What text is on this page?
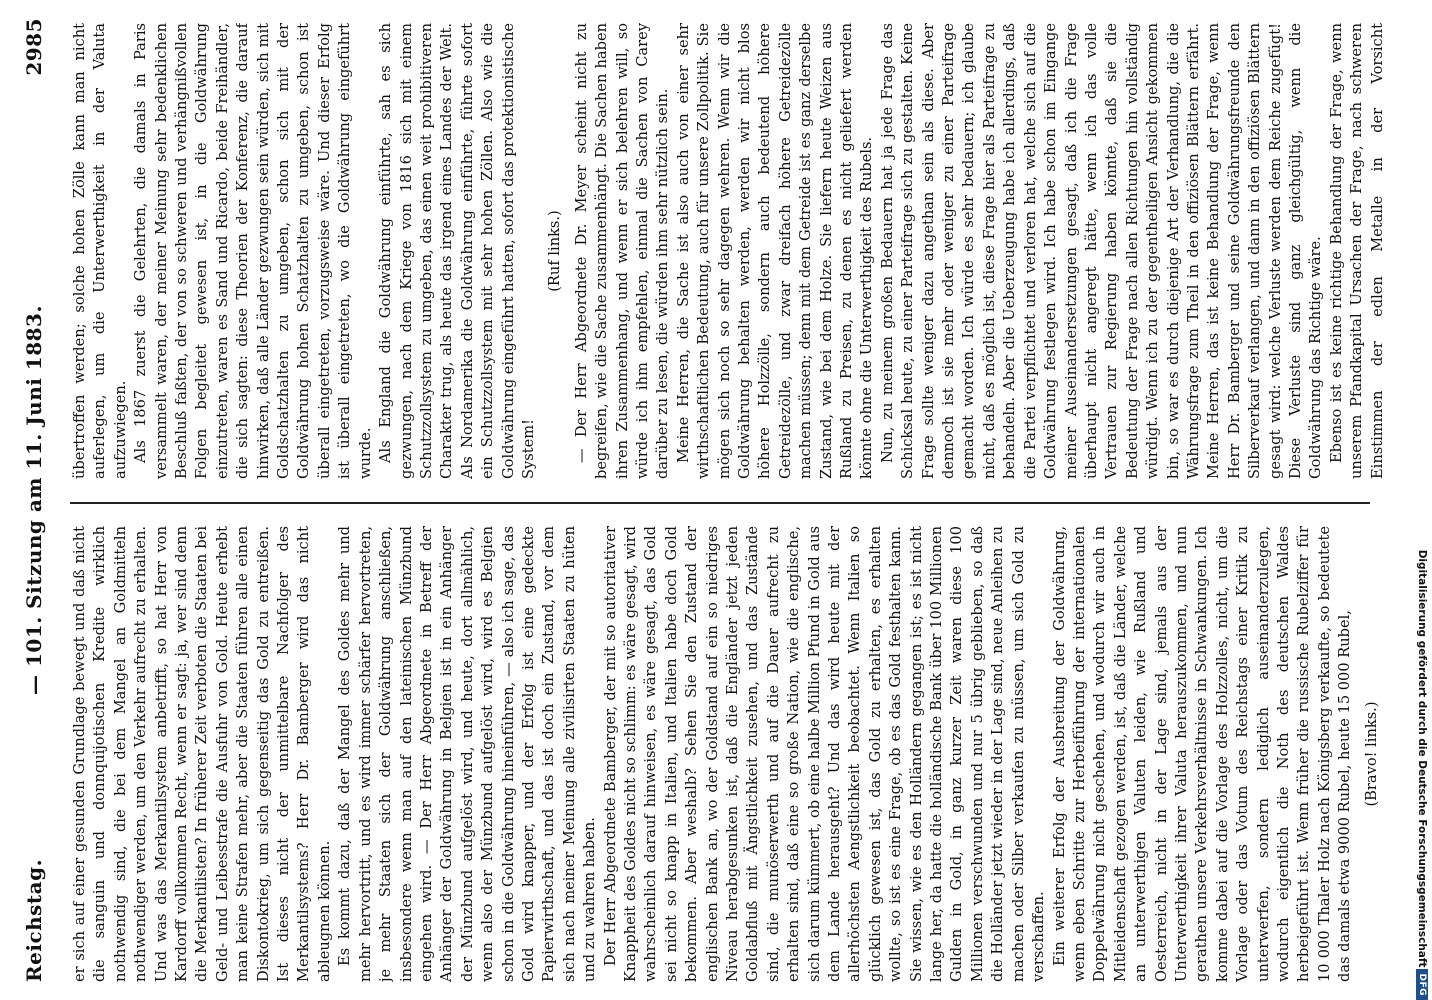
Reichstag.
— 101. Sitzung am 11. Juni 1883.
2985

er sich auf einer gesunden Grundlage bewegt und daß nicht die sanguin und donnquijotischen Kredite wirklich nothwendig sind, die bei dem Mangel an Goldmitteln nothwendiger werden, um den Verkehr aufrecht zu erhalten. Und was das Merkantilsystem anbetrifft, so hat Herr von Kardorff vollkommen Recht, wenn er sagt: ja, wer sind denn die Merkantilisten? In früherer Zeit verboten die Staaten bei Geld- und Leibesstrafe die Ausfuhr von Gold. Heute erhebt man keine Strafen mehr, aber die Staaten führen alle einen Diskontokrieg, um sich gegenseitig das Gold zu entreißen. Ist dieses nicht der unmittelbare Nachfolger des Merkantilsystems? Herr Dr. Bamberger wird das nicht ableugnen können. Es kommt dazu, daß der Mangel des Goldes mehr und mehr hervortritt, und es wird immer schärfer hervortreten, je mehr Staaten sich der Goldwährung anschließen, insbesondere wenn man auf den lateinischen Münzbund eingehen wird. — Der Herr Abgeordnete in Betreff der Anhänger der Goldwährung in Belgien ist in ein Anhänger der Münzbund aufgelöst wird, und heute, dort allmählich, wenn also der Münzbund aufgelöst wird, wird es Belgien schon in die Goldwährung hineinführen, — also ich sage, das Gold wird knapper, und der Erfolg ist eine gedeckte Papierwirthschaft, und das ist doch ein Zustand, vor dem sich nach meiner Meinung alle zivilisirten Staaten zu hüten und zu wahren haben. Der Herr Abgeordnete Bamberger, der mit so autoritativer Knappheit des Goldes nicht so schlimm: es wäre gesagt, wird wahrscheinlich darauf hinweisen, es wäre gesagt, das Gold sei nicht so knapp in Italien, und Italien habe doch Gold bekommen. Aber weshalb? Sehen Sie den Zustand der englischen Bank an, wo der Goldstand auf ein so niedriges Niveau herabgesunken ist, daß die Engländer jetzt jeden Goldabfluß mit Ängstlichkeit zusehen, und das Zustände sind, die munöserwerth und auf die Dauer aufrecht zu erhalten sind, daß eine so große Nation, wie die englische, sich darum kümmert, ob eine halbe Million Pfund in Gold aus dem Lande herausgeht? Und das wird heute mit der allerhöchsten Aengstlichkeit beobachtet. Wenn Italien so glücklich gewesen ist, das Gold zu erhalten, es erhalten wollte, so ist es eine Frage, ob es das Gold festhalten kann. Sie wissen, wie es den Holländern gegangen ist; es ist nicht lange her, da hatte die holländische Bank über 100 Millionen Gulden in Gold, in ganz kurzer Zeit waren diese 100 Millionen verschwunden und nur 5 übrig geblieben, so daß die Holländer jetzt wieder in der Lage sind, neue Anleihen zu machen oder Silber verkaufen zu müssen, um sich Gold zu verschaffen. Ein weiterer Erfolg der Ausbreitung der Goldwährung, wenn eben Schritte zur Herbeiführung der internationalen Doppelwährung nicht geschehen, und wodurch wir auch in Mitleidenschaft gezogen werden, ist, daß die Länder, welche an unterwerthigen Valuten leiden, wie Rußland und Oesterreich, nicht in der Lage sind, jemals aus der Unterwerthigkeit ihrer Valuta herauszukommen, und nun gerathen unsere Verkehrsverhältnisse in Schwankungen. Ich komme dabei auf die Vorlage des Holzzolles, nicht, um die Vorlage oder das Votum des Reichstags einer Kritik zu unterwerfen, sondern lediglich auseinanderzulegen, wodurch eigentlich die Noth des deutschen Waldes herbeigeführt ist. Wenn früher die russische Rubelziffer für 10 000 Thaler Holz nach Königsberg verkaufte, so bedeutete das damals etwa 9000 Rubel, heute 15 000 Rubel, (Bravo! links.)

übertroffen werden; solche hohen Zölle kann man nicht auferlegen, um die Unterwerthigkeit in der Valuta aufzuwiegen. Als 1867 zuerst die Gelehrten, die damals in Paris versammelt waren, der meiner Meinung sehr bedenklichen Beschluß faßten, der von so schweren und verhängnißvollen Folgen begleitet gewesen ist, in die Goldwährung einzutreten, waren es Sand und Ricardo, beide Freihändler, die sich sagten: diese Theorien der Konferenz, die darauf hinwirken, daß alle Länder gezwungen sein würden, sich mit Goldschatzhalten zu umgeben, schon sich mit der Goldwährung hohen Schatzhalten zu umgeben, schon ist überall eingetreten, vorzugsweise wäre. Und dieser Erfolg ist überall eingetreten, wo die Goldwährung eingeführt wurde. Als England die Goldwährung einführte, sah es sich gezwungen, nach dem Kriege von 1816 sich mit einem Schutzzollsystem zu umgeben, das einen weit prohibitiveren Charakter trug, als heute das irgend eines Landes der Welt. Als Nordamerika die Goldwährung einführte, führte sofort ein Schutzzollsystem mit sehr hohen Zöllen. Also wie die Goldwährung eingeführt hatten, sofort das protektionistische System!

(Ruf links.) — Der Herr Abgeordnete Dr. Meyer scheint nicht zu begreifen, wie die Sache zusammenhängt. Die Sachen haben ihren Zusammenhang, und wenn er sich belehren will, so würde ich ihm empfehlen, einmal die Sachen von Carey darüber zu lesen, die würden ihm sehr nützlich sein. Meine Herren, die Sache ist also auch von einer sehr wirthschaftlichen Bedeutung, auch für unsere Zollpolitik. Sie mögen sich noch so sehr dagegen wehren. Wenn wir die Goldwährung behalten werden, werden wir nicht blos höhere Holzzölle, sondern auch bedeutend höhere Getreidezölle, und zwar dreifach höhere Getreidezölle machen müssen; denn mit dem Getreide ist es ganz derselbe Zustand, wie bei dem Holze. Sie liefern heute Weizen aus Rußland zu Preisen, zu denen es nicht geliefert werden könnte ohne die Unterwerthigkeit des Rubels. Nun, zu meinem großen Bedauern hat ja jede Frage das Schicksal heute, zu einer Parteifrage sich zu gestalten. Keine Frage sollte weniger dazu angethan sein als diese. Aber dennoch ist sie mehr oder weniger zu einer Parteifrage gemacht worden. Ich würde es sehr bedauern; ich glaube nicht, daß es möglich ist, diese Frage hier als Parteifrage zu behandeln. Aber die Ueberzeugung habe ich allerdings, daß die Partei verpflichtet und verloren hat, welche sich auf die Goldwährung festlegen wird. Ich habe schon im Eingange meiner Auseinandersetzungen gesagt, daß ich die Frage überhaupt nicht angeregt hätte, wenn ich das volle Vertrauen zur Regierung haben könnte, daß sie die Bedeutung der Frage nach allen Richtungen hin vollständig würdigt. Wenn ich zu der gegentheiligen Ansicht gekommen bin, so war es durch diejenige Art der Verhandlung, die die Währungsfrage zum Theil in den offiziösen Blättern erfährt. Meine Herren, das ist keine Behandlung der Frage, wenn Herr Dr. Bamberger und seine Goldwährungsfreunde den Silberverkauf verlangen, und dann in den offiziösen Blättern gesagt wird: welche Verluste werden dem Reiche zugefügt! Diese Verluste sind ganz gleichgültig, wenn die Goldwährung das Richtige wäre. Ebenso ist es keine richtige Behandlung der Frage, wenn unserem Pfandkapital Ursachen der Frage, nach schweren Einstimmen der edlen Metalle in der Vorsicht

Digitalisierung gefördert durch die Deutsche Forschungsgemeinschaft
DFG
